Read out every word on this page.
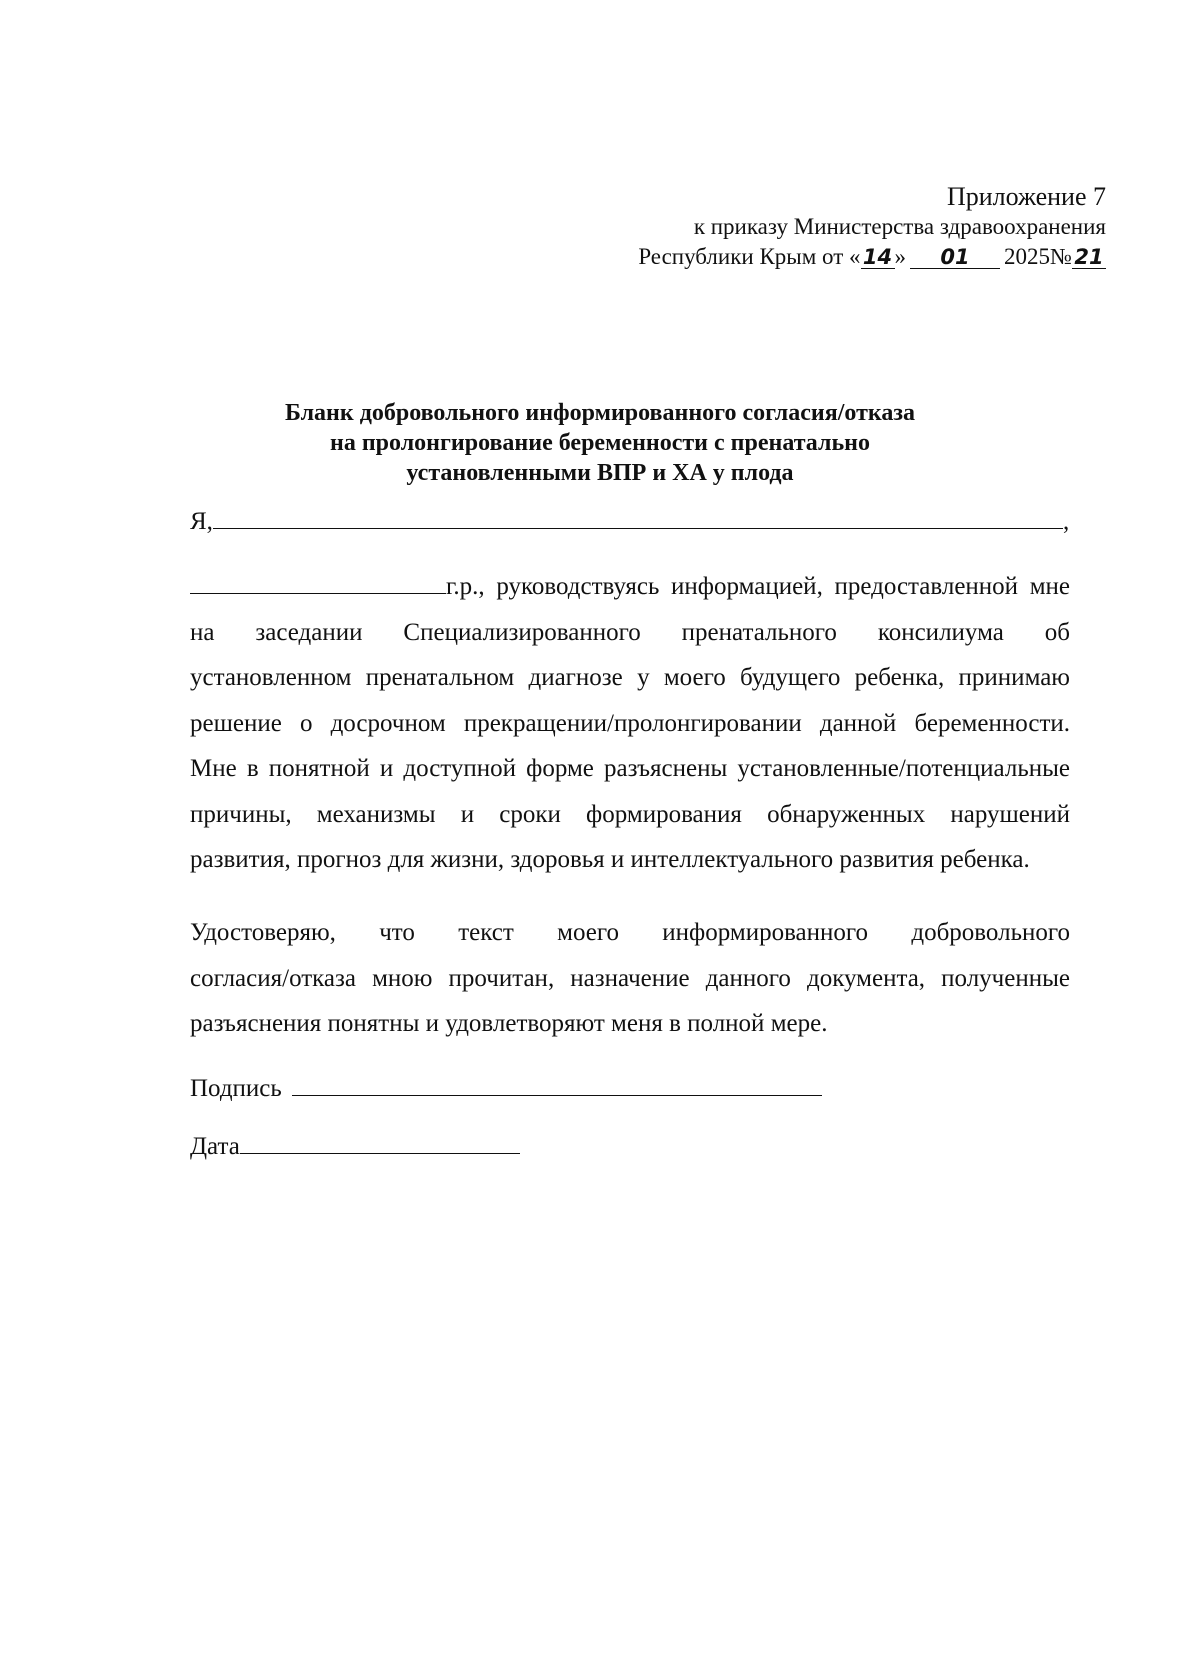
Приложение 7
к приказу Министерства здравоохранения
Республики Крым от « 14 » 01 2025№ 21
Бланк добровольного информированного согласия/отказа
на пролонгирование беременности с пренатально
установленными ВПР и ХА у плода
Я,	,
г.р., руководствуясь информацией, предоставленной мне
на заседании Специализированного пренатального консилиума об
установленном пренатальном диагнозе у моего будущего ребенка, принимаю
решение о досрочном прекращении/пролонгировании данной беременности.
Мне в понятной и доступной форме разъяснены установленные/потенциальные
причины, механизмы и сроки формирования обнаруженных нарушений
развития, прогноз для жизни, здоровья и интеллектуального развития ребенка.
Удостоверяю, что текст моего информированного добровольного
согласия/отказа мною прочитан, назначение данного документа, полученные
разъяснения понятны и удовлетворяют меня в полной мере.
Подпись
Дата
